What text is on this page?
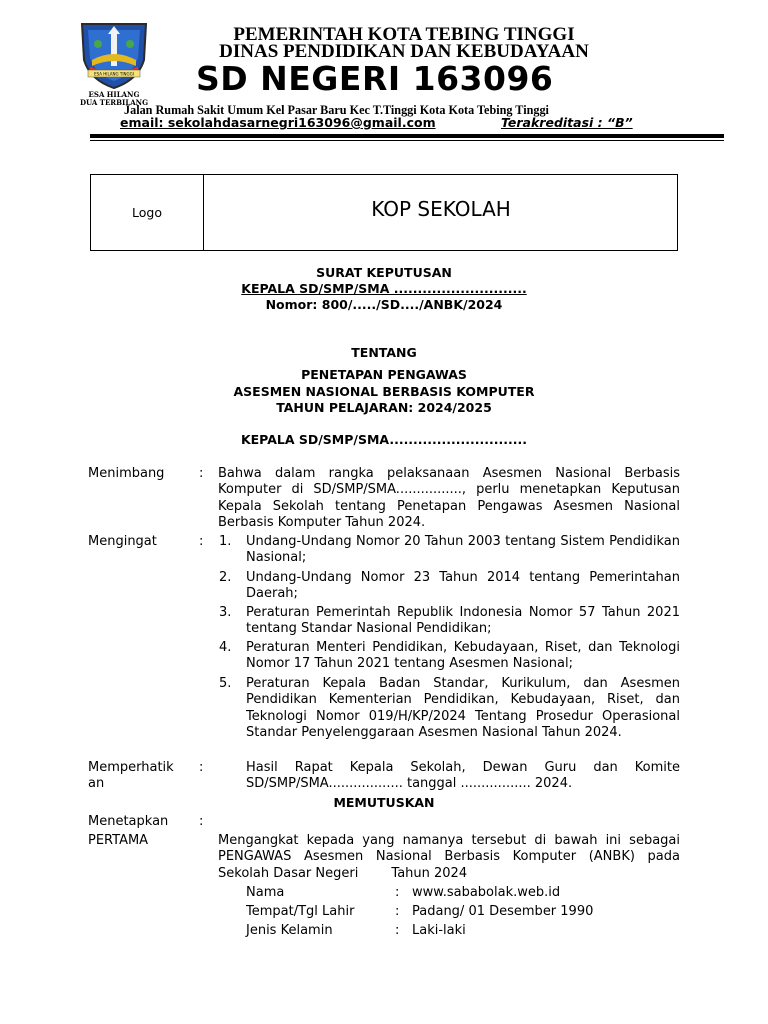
ESA HILANG TINGGI
ESA HILANG
DUA TERBILANG
PEMERINTAH KOTA TEBING TINGGI
DINAS PENDIDIKAN DAN KEBUDAYAAN
SD NEGERI 163096
Jalan Rumah Sakit Umum Kel Pasar Baru Kec T.Tinggi Kota Kota Tebing Tinggi
email: sekolahdasarnegri163096@gmail.com	Terakreditasi : “B”
Logo	KOP SEKOLAH
SURAT KEPUTUSAN
KEPALA SD/SMP/SMA ............................
Nomor: 800/...../SD..../ANBK/2024
TENTANG
PENETAPAN PENGAWAS
ASESMEN NASIONAL BERBASIS KOMPUTER
TAHUN PELAJARAN: 2024/2025
KEPALA SD/SMP/SMA.............................
Menimbang	: Bahwa dalam rangka pelaksanaan Asesmen Nasional Berbasis Komputer di SD/SMP/SMA................, perlu menetapkan Keputusan Kepala Sekolah tentang Penetapan Pengawas Asesmen Nasional Berbasis Komputer Tahun 2024.
Mengingat	: 1.	Undang-Undang Nomor 20 Tahun 2003 tentang Sistem Pendidikan Nasional;
2.	Undang-Undang Nomor 23 Tahun 2014 tentang Pemerintahan Daerah;
3.	Peraturan Pemerintah Republik Indonesia Nomor 57 Tahun 2021 tentang Standar Nasional Pendidikan;
4.	Peraturan Menteri Pendidikan, Kebudayaan, Riset, dan Teknologi Nomor 17 Tahun 2021 tentang Asesmen Nasional;
5.	Peraturan Kepala Badan Standar, Kurikulum, dan Asesmen Pendidikan Kementerian Pendidikan, Kebudayaan, Riset, dan Teknologi Nomor 019/H/KP/2024 Tentang Prosedur Operasional Standar Penyelenggaraan Asesmen Nasional Tahun 2024.
Memperhatik
an
:	Hasil Rapat Kepala Sekolah, Dewan Guru dan Komite SD/SMP/SMA.................. tanggal ................. 2024.
MEMUTUSKAN
Menetapkan :
PERTAMA	Mengangkat kepada yang namanya tersebut di bawah ini sebagai PENGAWAS Asesmen Nasional Berbasis Komputer (ANBK) pada Sekolah Dasar Negeri        Tahun 2024
Nama	: www.sababolak.web.id
Tempat/Tgl Lahir	: Padang/ 01 Desember 1990
Jenis Kelamin	: Laki-laki
